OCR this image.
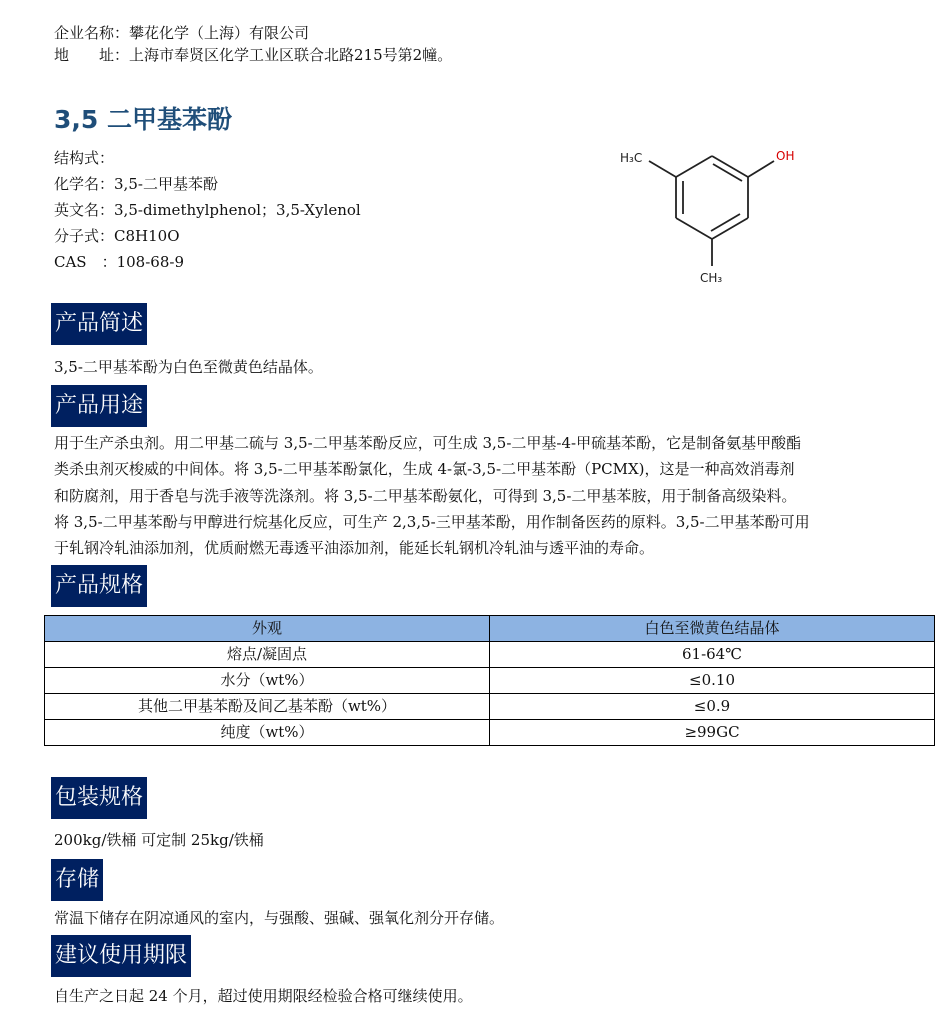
企业名称：攀花化学（上海）有限公司
地　　址：上海市奉贤区化学工业区联合北路215号第2幢。
3,5 二甲基苯酚
结构式：
化学名：3,5-二甲基苯酚
英文名：3,5-dimethylphenol；3,5-Xylenol
分子式：C8H10O
CAS　：108-68-9
H₃C	OH
CH₃
产品简述
3,5-二甲基苯酚为白色至微黄色结晶体。
产品用途
用于生产杀虫剂。用二甲基二硫与 3,5-二甲基苯酚反应，可生成 3,5-二甲基-4-甲硫基苯酚，它是制备氨基甲酸酯
类杀虫剂灭梭威的中间体。将 3,5-二甲基苯酚氯化，生成 4-氯-3,5-二甲基苯酚（PCMX)，这是一种高效消毒剂
和防腐剂，用于香皂与洗手液等洗涤剂。将 3,5-二甲基苯酚氨化，可得到 3,5-二甲基苯胺，用于制备高级染料。
将 3,5-二甲基苯酚与甲醇进行烷基化反应，可生产 2,3,5-三甲基苯酚，用作制备医药的原料。3,5-二甲基苯酚可用
于轧钢冷轧油添加剂，优质耐燃无毒透平油添加剂，能延长轧钢机冷轧油与透平油的寿命。
产品规格
外观	白色至微黄色结晶体
熔点/凝固点	61-64℃
水分（wt%）	≤0.10
其他二甲基苯酚及间乙基苯酚（wt%）	≤0.9
纯度（wt%）	≥99GC
包装规格
200kg/铁桶 可定制 25kg/铁桶
存储
常温下储存在阴凉通风的室内，与强酸、强碱、强氧化剂分开存储。
建议使用期限
自生产之日起 24 个月，超过使用期限经检验合格可继续使用。
